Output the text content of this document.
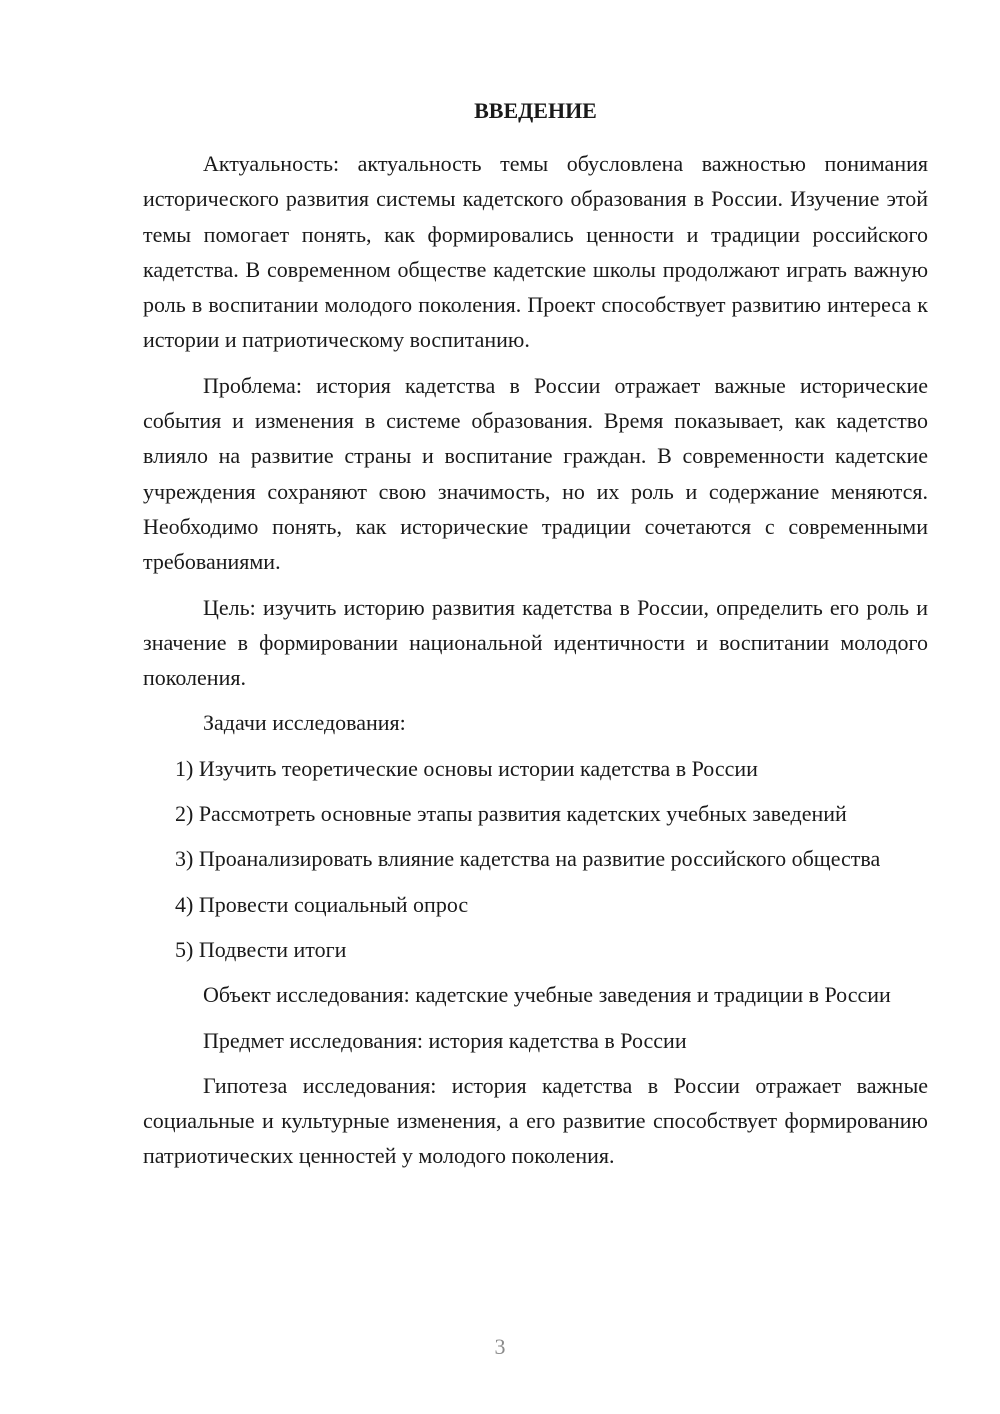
ВВЕДЕНИЕ

Актуальность: актуальность темы обусловлена важностью понимания исторического развития системы кадетского образования в России. Изучение этой темы помогает понять, как формировались ценности и традиции российского кадетства. В современном обществе кадетские школы продолжают играть важную роль в воспитании молодого поколения. Проект способствует развитию интереса к истории и патриотическому воспитанию.

Проблема: история кадетства в России отражает важные исторические события и изменения в системе образования. Время показывает, как кадетство влияло на развитие страны и воспитание граждан. В современности кадетские учреждения сохраняют свою значимость, но их роль и содержание меняются. Необходимо понять, как исторические традиции сочетаются с современными требованиями.

Цель: изучить историю развития кадетства в России, определить его роль и значение в формировании национальной идентичности и воспитании молодого поколения.

Задачи исследования:

1) Изучить теоретические основы истории кадетства в России

2) Рассмотреть основные этапы развития кадетских учебных заведений

3) Проанализировать влияние кадетства на развитие российского общества

4) Провести социальный опрос

5) Подвести итоги

Объект исследования: кадетские учебные заведения и традиции в России

Предмет исследования: история кадетства в России

Гипотеза исследования: история кадетства в России отражает важные социальные и культурные изменения, а его развитие способствует формированию патриотических ценностей у молодого поколения.

3
